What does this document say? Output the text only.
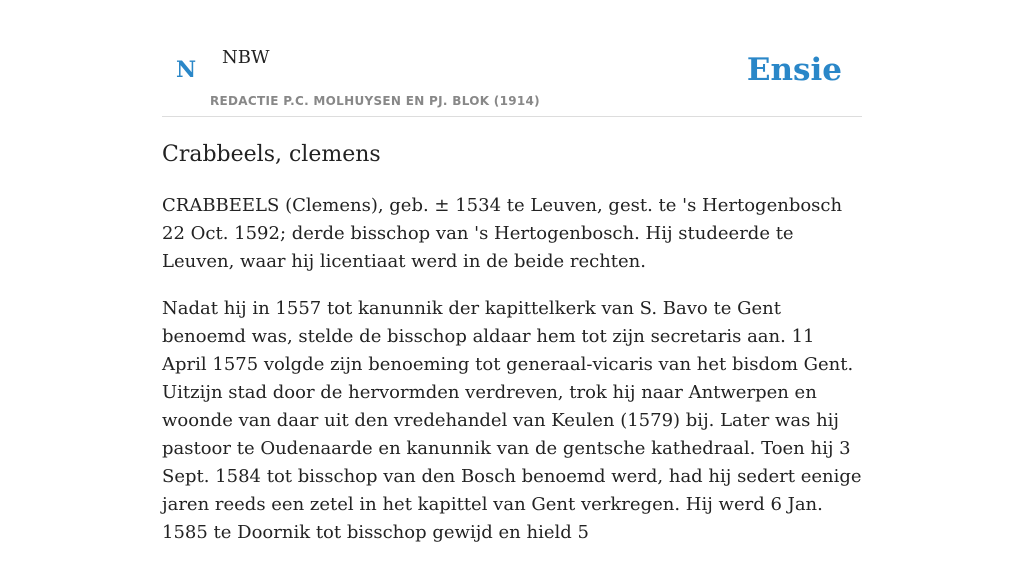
N NBW
REDACTIE P.C. MOLHUYSEN EN PJ. BLOK (1914)
Ensie
Crabbeels, clemens

CRABBEELS (Clemens), geb. ± 1534 te Leuven, gest. te 's Hertogenbosch 22 Oct. 1592; derde bisschop van 's Hertogenbosch. Hij studeerde te Leuven, waar hij licentiaat werd in de beide rechten.

Nadat hij in 1557 tot kanunnik der kapittelkerk van S. Bavo te Gent benoemd was, stelde de bisschop aldaar hem tot zijn secretaris aan. 11 April 1575 volgde zijn benoeming tot generaal-vicaris van het bisdom Gent. Uitzijn stad door de hervormden verdreven, trok hij naar Antwerpen en woonde van daar uit den vredehandel van Keulen (1579) bij. Later was hij pastoor te Oudenaarde en kanunnik van de gentsche kathedraal. Toen hij 3 Sept. 1584 tot bisschop van den Bosch benoemd werd, had hij sedert eenige jaren reeds een zetel in het kapittel van Gent verkregen. Hij werd 6 Jan. 1585 te Doornik tot bisschop gewijd en hield 5
